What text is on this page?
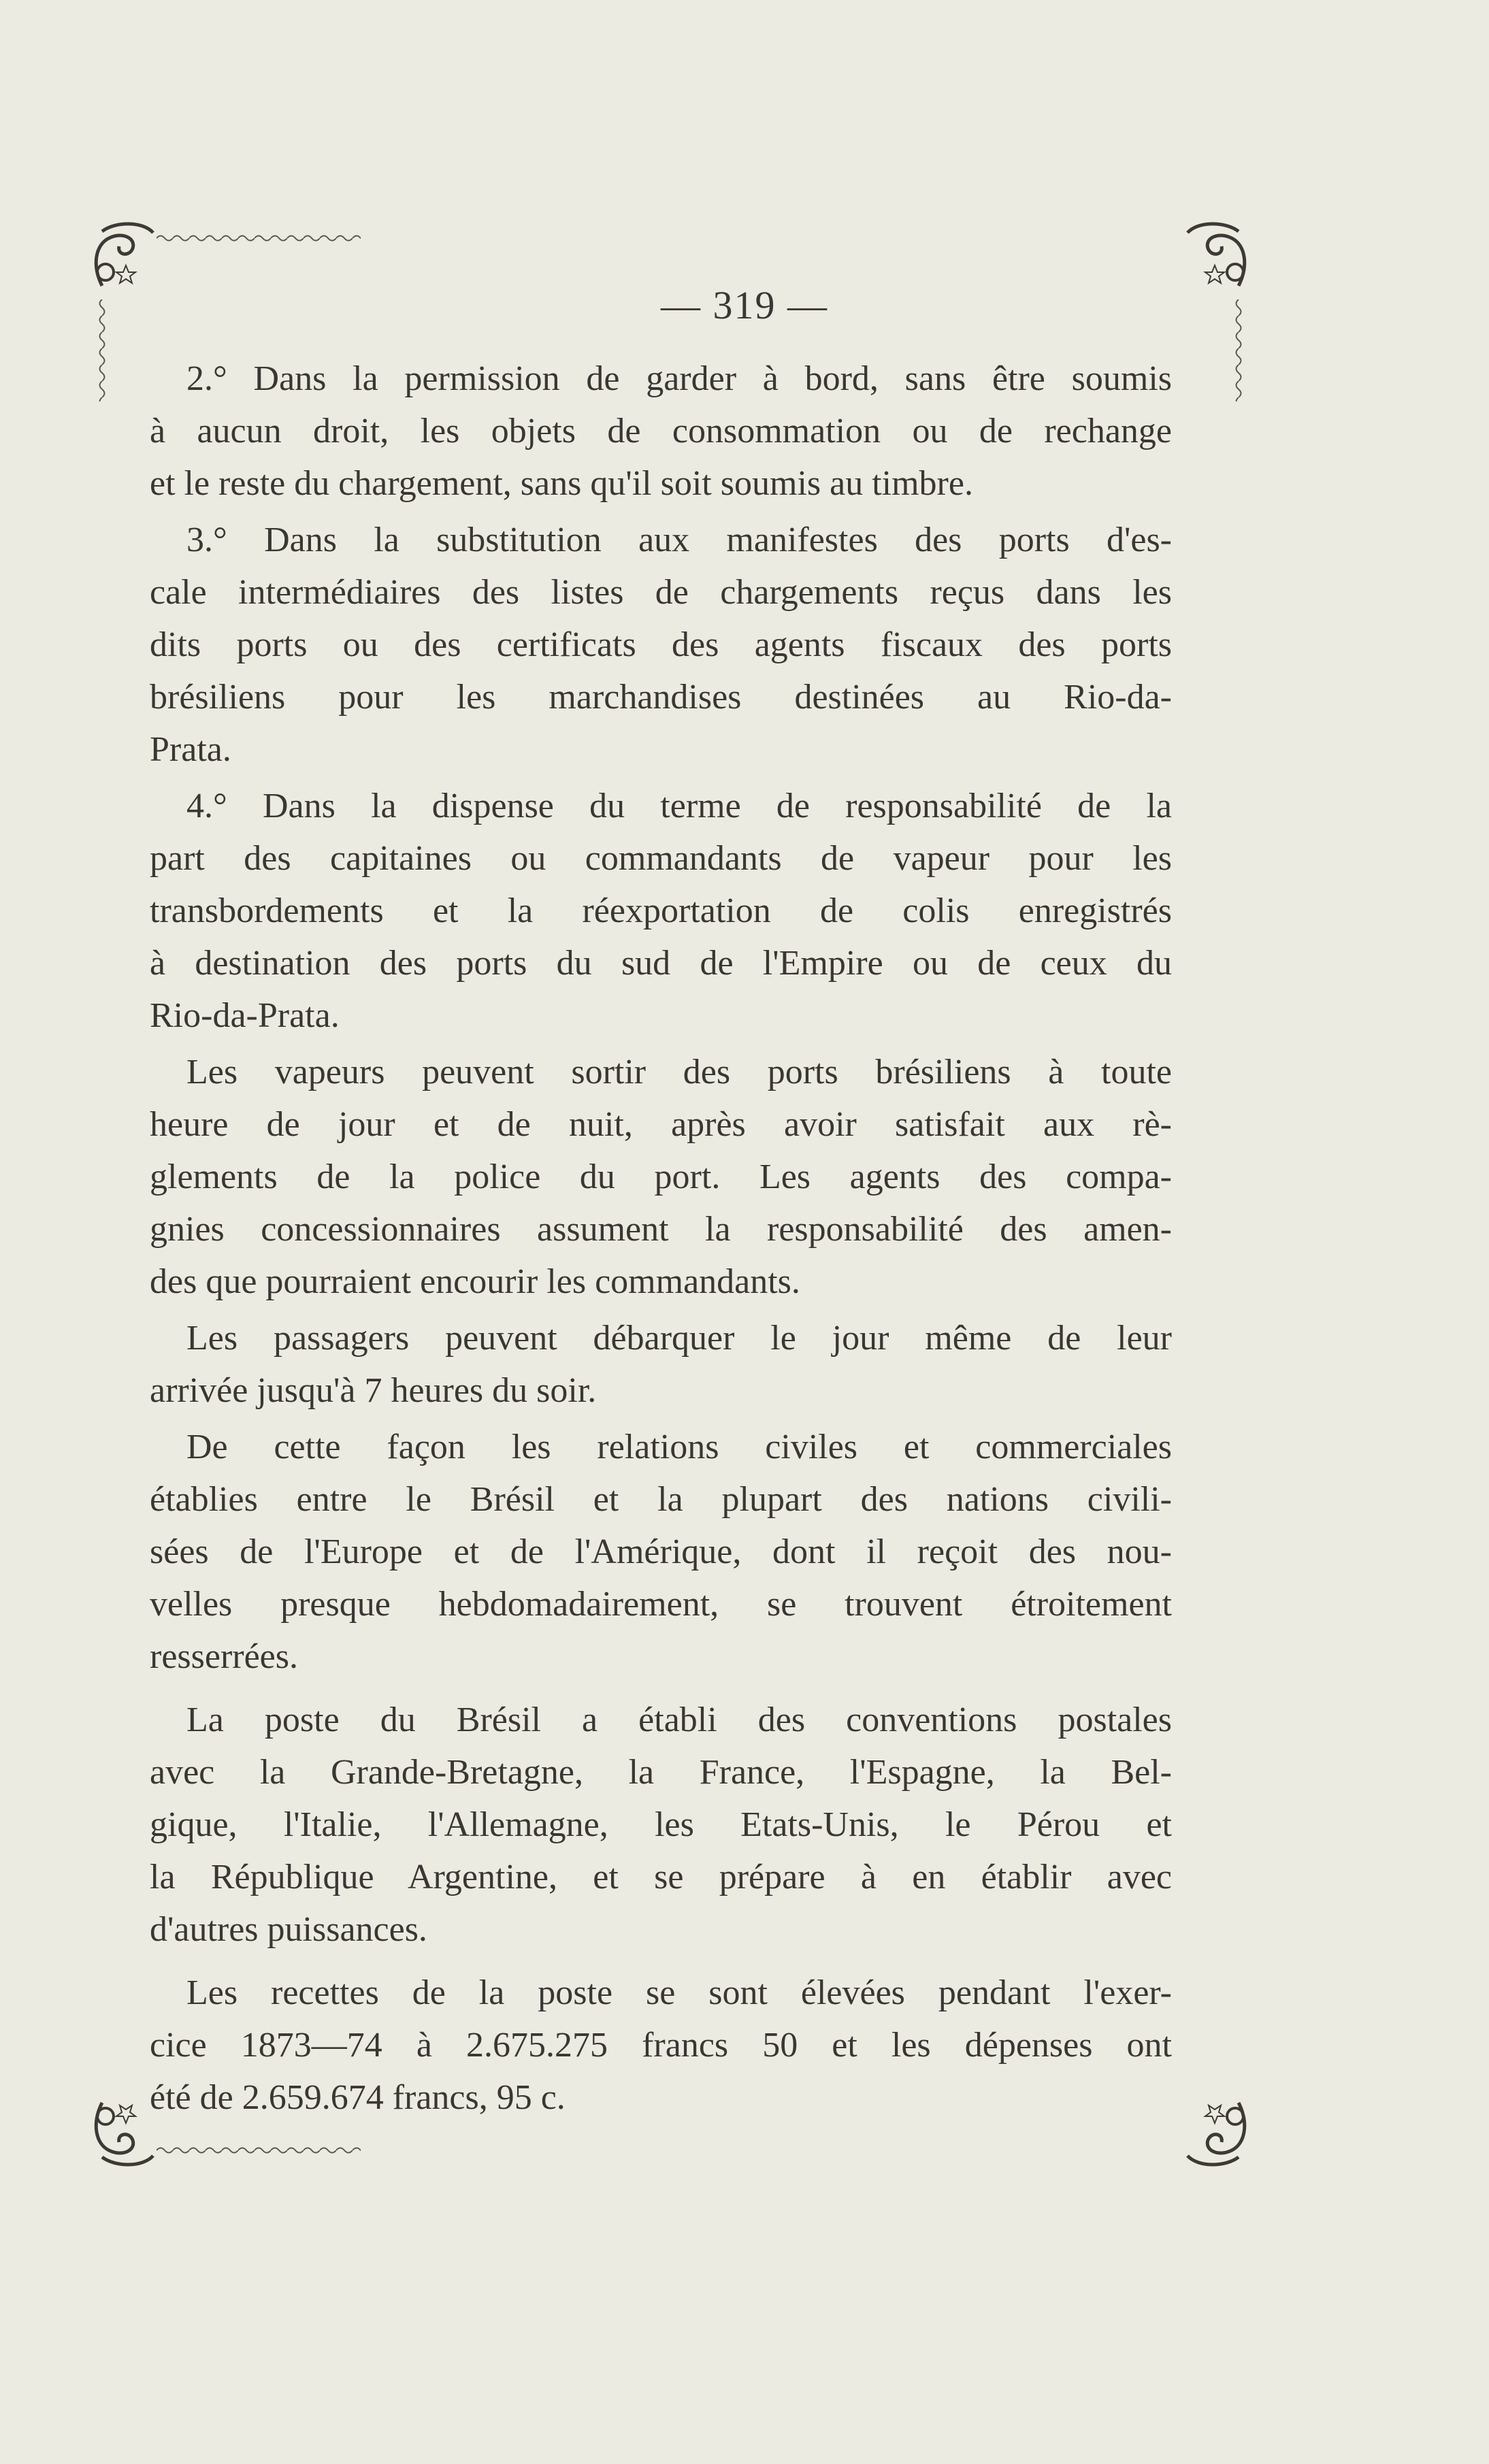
— 319 —
2.° Dans la permission de garder à bord, sans être soumis
à aucun droit, les objets de consommation ou de rechange
et le reste du chargement, sans qu'il soit soumis au timbre.
3.° Dans la substitution aux manifestes des ports d'es-
cale intermédiaires des listes de chargements reçus dans les
dits ports ou des certificats des agents fiscaux des ports
brésiliens pour les marchandises destinées au Rio-da-
Prata.
4.° Dans la dispense du terme de responsabilité de la
part des capitaines ou commandants de vapeur pour les
transbordements et la réexportation de colis enregistrés
à destination des ports du sud de l'Empire ou de ceux du
Rio-da-Prata.
Les vapeurs peuvent sortir des ports brésiliens à toute
heure de jour et de nuit, après avoir satisfait aux rè-
glements de la police du port. Les agents des compa-
gnies concessionnaires assument la responsabilité des amen-
des que pourraient encourir les commandants.
Les passagers peuvent débarquer le jour même de leur
arrivée jusqu'à 7 heures du soir.
De cette façon les relations civiles et commerciales
établies entre le Brésil et la plupart des nations civili-
sées de l'Europe et de l'Amérique, dont il reçoit des nou-
velles presque hebdomadairement, se trouvent étroitement
resserrées.
La poste du Brésil a établi des conventions postales
avec la Grande-Bretagne, la France, l'Espagne, la Bel-
gique, l'Italie, l'Allemagne, les Etats-Unis, le Pérou et
la République Argentine, et se prépare à en établir avec
d'autres puissances.
Les recettes de la poste se sont élevées pendant l'exer-
cice 1873—74 à 2.675.275 francs 50 et les dépenses ont
été de 2.659.674 francs, 95 c.
